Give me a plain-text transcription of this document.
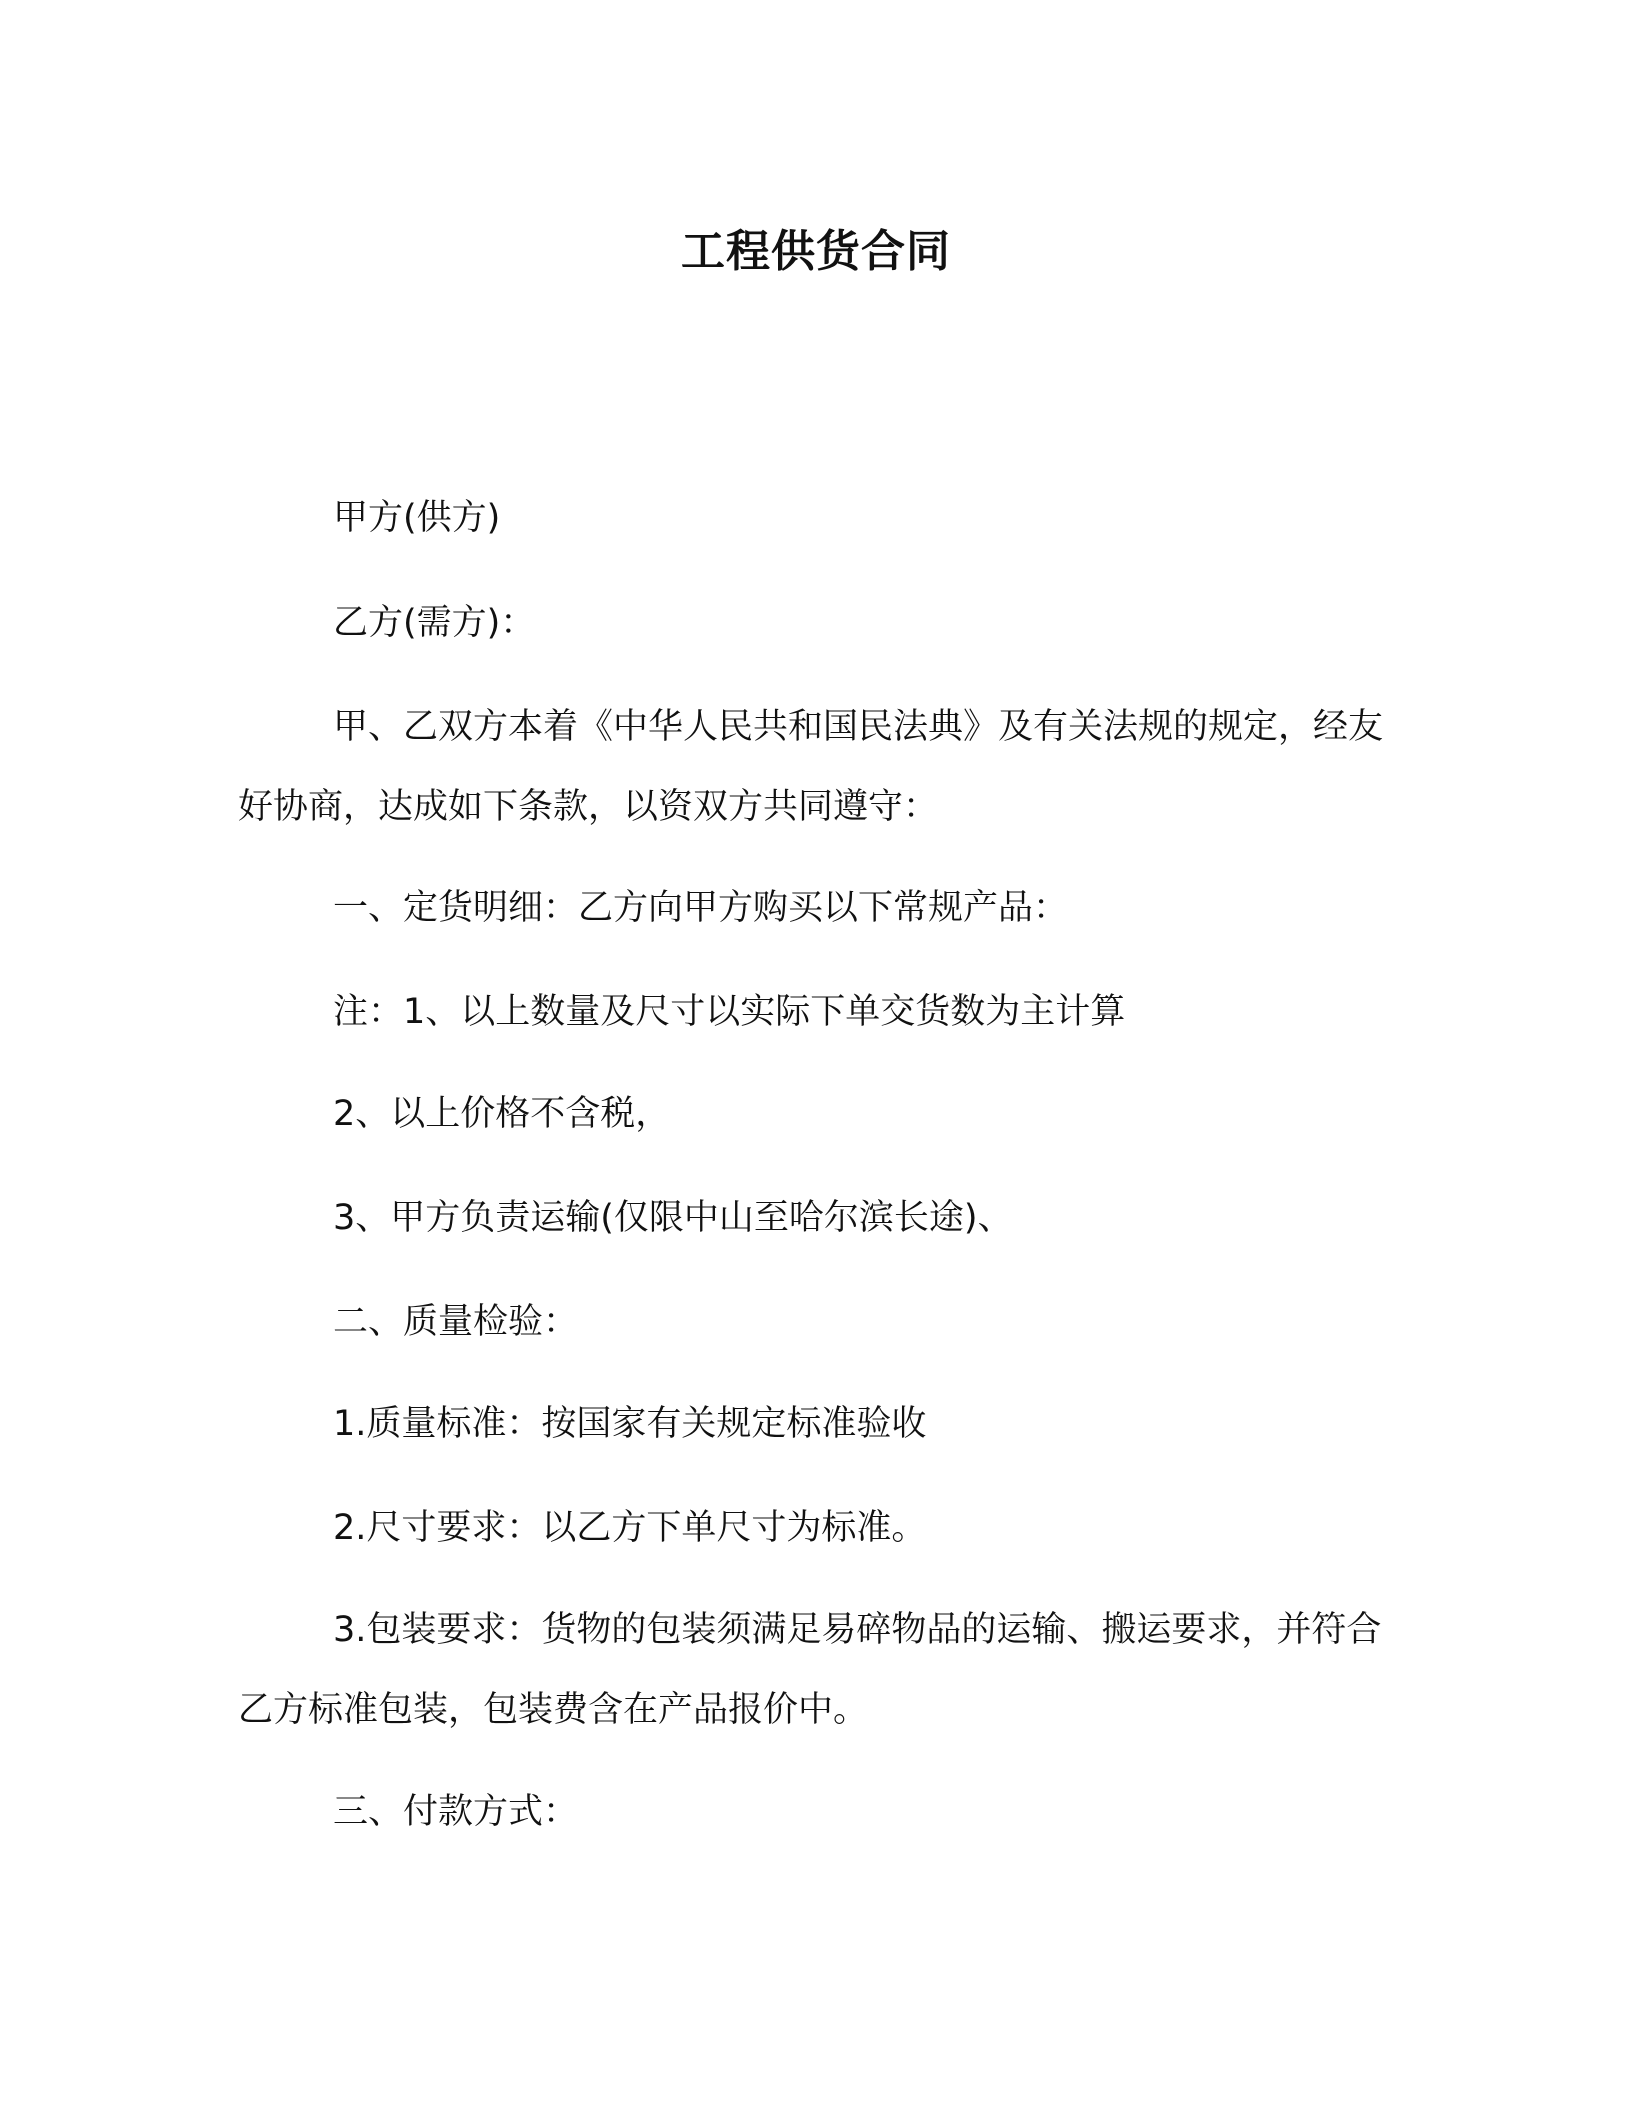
工程供货合同
甲方(供方)
乙方(需方)：
甲、乙双方本着《中华人民共和国民法典》及有关法规的规定，经友好协商，达成如下条款，以资双方共同遵守：
一、定货明细：乙方向甲方购买以下常规产品：
注：1、以上数量及尺寸以实际下单交货数为主计算
2、以上价格不含税，
3、甲方负责运输(仅限中山至哈尔滨长途)、
二、质量检验：
1.质量标准：按国家有关规定标准验收
2.尺寸要求：以乙方下单尺寸为标准。
3.包装要求：货物的包装须满足易碎物品的运输、搬运要求，并符合乙方标准包装，包装费含在产品报价中。
三、付款方式：
